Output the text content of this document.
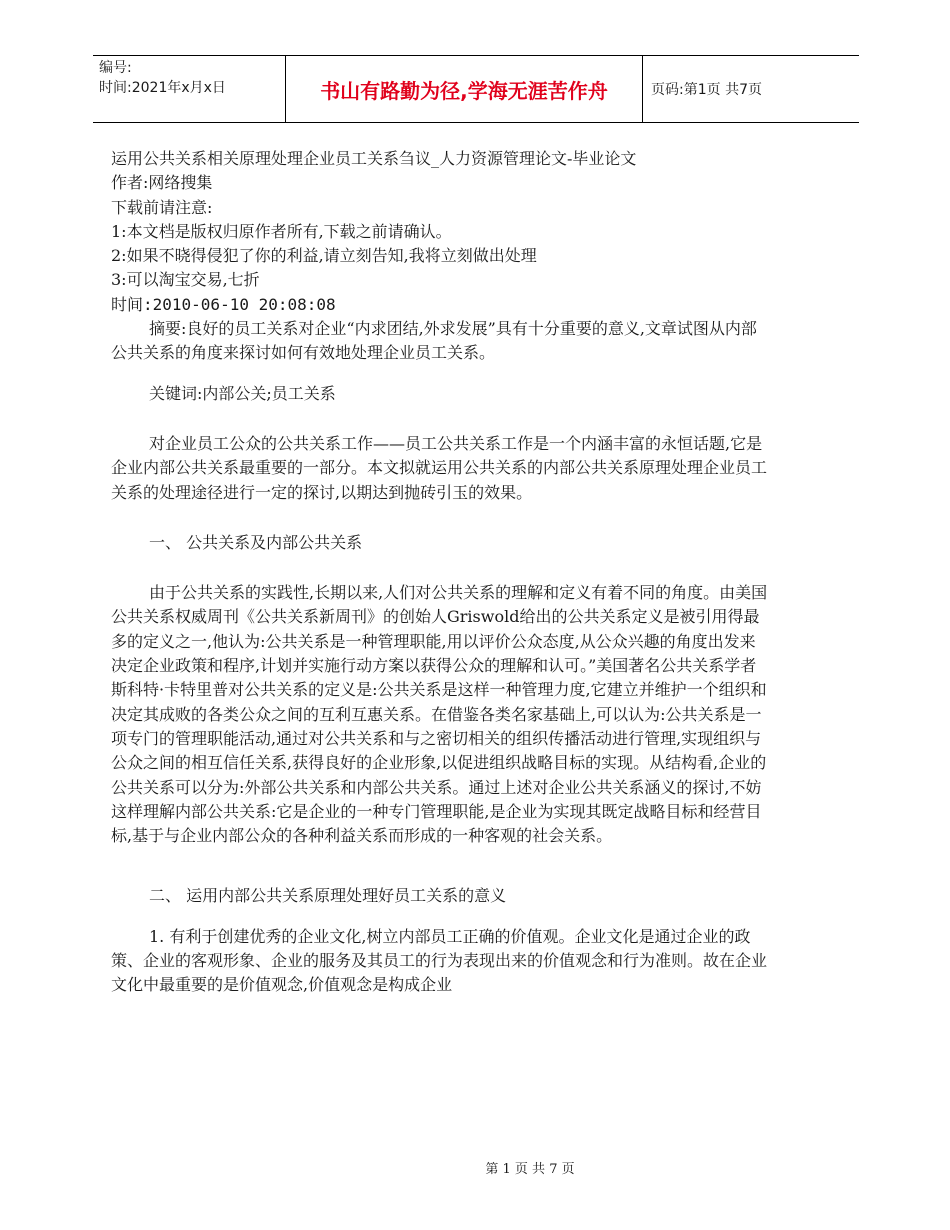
编号:
时间:2021年x月x日	书山有路勤为径,学海无涯苦作舟	页码:第1页 共7页

运用公共关系相关原理处理企业员工关系刍议_人力资源管理论文-毕业论文

作者:网络搜集

下载前请注意:

1:本文档是版权归原作者所有,下载之前请确认。

2:如果不晓得侵犯了你的利益,请立刻告知,我将立刻做出处理

3:可以淘宝交易,七折

时间:2010-06-10 20:08:08

摘要:良好的员工关系对企业“内求团结,外求发展”具有十分重要的意义,文章试图从内部公共关系的角度来探讨如何有效地处理企业员工关系。

关键词:内部公关;员工关系

对企业员工公众的公共关系工作——员工公共关系工作是一个内涵丰富的永恒话题,它是企业内部公共关系最重要的一部分。本文拟就运用公共关系的内部公共关系原理处理企业员工关系的处理途径进行一定的探讨,以期达到抛砖引玉的效果。

一、 公共关系及内部公共关系

由于公共关系的实践性,长期以来,人们对公共关系的理解和定义有着不同的角度。由美国公共关系权威周刊《公共关系新周刊》的创始人Griswold给出的公共关系定义是被引用得最多的定义之一,他认为:公共关系是一种管理职能,用以评价公众态度,从公众兴趣的角度出发来决定企业政策和程序,计划并实施行动方案以获得公众的理解和认可。”美国著名公共关系学者斯科特·卡特里普对公共关系的定义是:公共关系是这样一种管理力度,它建立并维护一个组织和决定其成败的各类公众之间的互利互惠关系。在借鉴各类名家基础上,可以认为:公共关系是一项专门的管理职能活动,通过对公共关系和与之密切相关的组织传播活动进行管理,实现组织与公众之间的相互信任关系,获得良好的企业形象,以促进组织战略目标的实现。从结构看,企业的公共关系可以分为:外部公共关系和内部公共关系。通过上述对企业公共关系涵义的探讨,不妨这样理解内部公共关系:它是企业的一种专门管理职能,是企业为实现其既定战略目标和经营目标,基于与企业内部公众的各种利益关系而形成的一种客观的社会关系。

二、 运用内部公共关系原理处理好员工关系的意义

1. 有利于创建优秀的企业文化,树立内部员工正确的价值观。企业文化是通过企业的政策、企业的客观形象、企业的服务及其员工的行为表现出来的价值观念和行为准则。故在企业文化中最重要的是价值观念,价值观念是构成企业

第 1 页 共 7 页
